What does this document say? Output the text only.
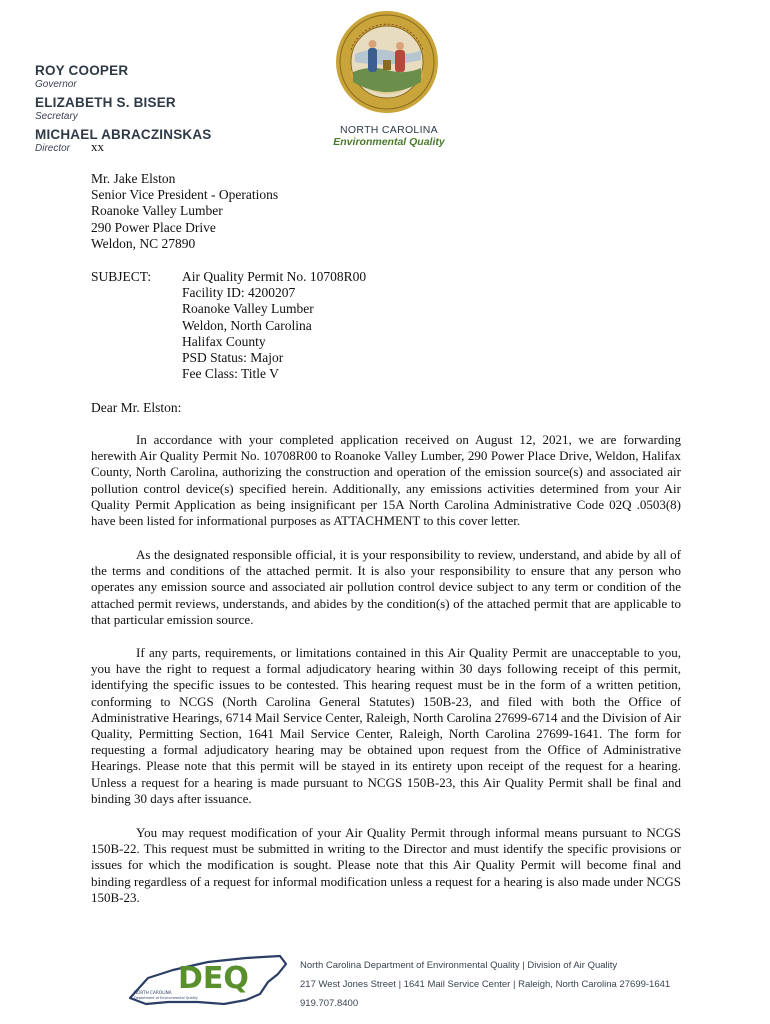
ROY COOPER
Governor
ELIZABETH S. BISER
Secretary
MICHAEL ABRACZINSKAS
Director
NORTH CAROLINA
Environmental Quality
xx
Mr. Jake Elston
Senior Vice President - Operations
Roanoke Valley Lumber
290 Power Place Drive
Weldon, NC 27890
SUBJECT: Air Quality Permit No. 10708R00
Facility ID: 4200207
Roanoke Valley Lumber
Weldon, North Carolina
Halifax County
PSD Status: Major
Fee Class: Title V
Dear Mr. Elston:

In accordance with your completed application received on August 12, 2021, we are forwarding herewith Air Quality Permit No. 10708R00 to Roanoke Valley Lumber, 290 Power Place Drive, Weldon, Halifax County, North Carolina, authorizing the construction and operation of the emission source(s) and associated air pollution control device(s) specified herein. Additionally, any emissions activities determined from your Air Quality Permit Application as being insignificant per 15A North Carolina Administrative Code 02Q .0503(8) have been listed for informational purposes as ATTACHMENT to this cover letter.

As the designated responsible official, it is your responsibility to review, understand, and abide by all of the terms and conditions of the attached permit. It is also your responsibility to ensure that any person who operates any emission source and associated air pollution control device subject to any term or condition of the attached permit reviews, understands, and abides by the condition(s) of the attached permit that are applicable to that particular emission source.

If any parts, requirements, or limitations contained in this Air Quality Permit are unacceptable to you, you have the right to request a formal adjudicatory hearing within 30 days following receipt of this permit, identifying the specific issues to be contested. This hearing request must be in the form of a written petition, conforming to NCGS (North Carolina General Statutes) 150B-23, and filed with both the Office of Administrative Hearings, 6714 Mail Service Center, Raleigh, North Carolina 27699-6714 and the Division of Air Quality, Permitting Section, 1641 Mail Service Center, Raleigh, North Carolina 27699-1641. The form for requesting a formal adjudicatory hearing may be obtained upon request from the Office of Administrative Hearings. Please note that this permit will be stayed in its entirety upon receipt of the request for a hearing. Unless a request for a hearing is made pursuant to NCGS 150B-23, this Air Quality Permit shall be final and binding 30 days after issuance.

You may request modification of your Air Quality Permit through informal means pursuant to NCGS 150B-22. This request must be submitted in writing to the Director and must identify the specific provisions or issues for which the modification is sought. Please note that this Air Quality Permit will become final and binding regardless of a request for informal modification unless a request for a hearing is also made under NCGS 150B-23.

DEQ
NORTH CAROLINA
Department of Environmental Quality
North Carolina Department of Environmental Quality | Division of Air Quality
217 West Jones Street | 1641 Mail Service Center | Raleigh, North Carolina 27699-1641
919.707.8400
